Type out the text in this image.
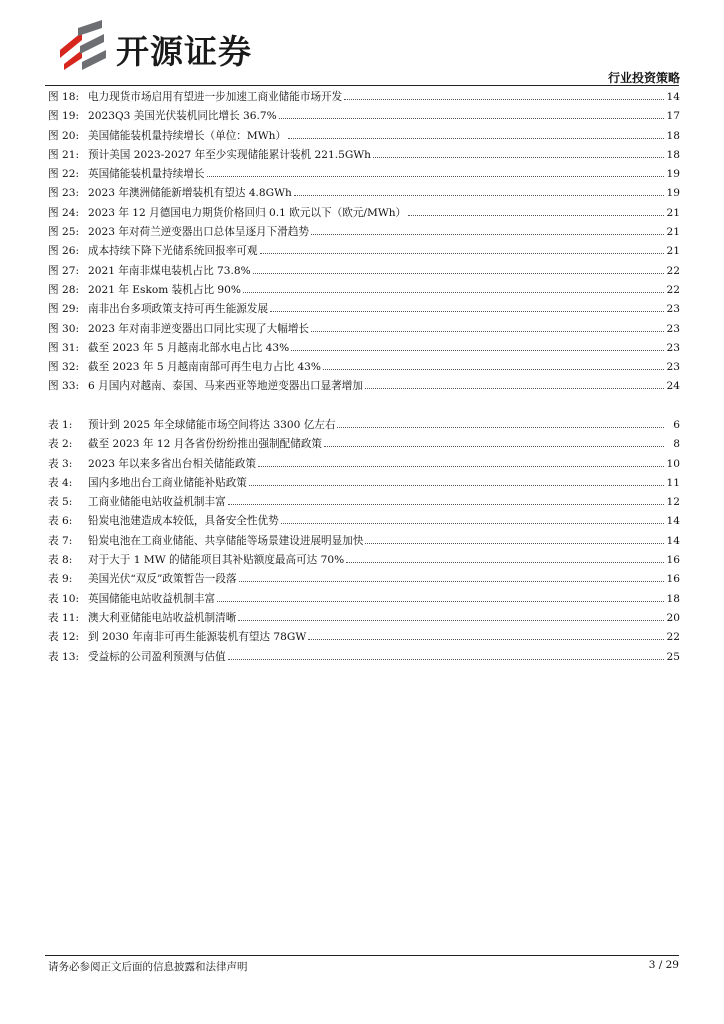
开源证券
行业投资策略
图 18: 电力现货市场启用有望进一步加速工商业储能市场开发	14
图 19: 2023Q3 美国光伏装机同比增长 36.7%	17
图 20: 美国储能装机量持续增长（单位：MWh）	18
图 21: 预计美国 2023-2027 年至少实现储能累计装机 221.5GWh	18
图 22: 英国储能装机量持续增长	19
图 23: 2023 年澳洲储能新增装机有望达 4.8GWh	19
图 24: 2023 年 12 月德国电力期货价格回归 0.1 欧元以下（欧元/MWh）	21
图 25: 2023 年对荷兰逆变器出口总体呈逐月下滑趋势	21
图 26: 成本持续下降下光储系统回报率可观	21
图 27: 2021 年南非煤电装机占比 73.8%	22
图 28: 2021 年 Eskom 装机占比 90%	22
图 29: 南非出台多项政策支持可再生能源发展	23
图 30: 2023 年对南非逆变器出口同比实现了大幅增长	23
图 31: 截至 2023 年 5 月越南北部水电占比 43%	23
图 32: 截至 2023 年 5 月越南南部可再生电力占比 43%	23
图 33: 6 月国内对越南、泰国、马来西亚等地逆变器出口显著增加	24
表 1:	预计到 2025 年全球储能市场空间将达 3300 亿左右	6
表 2:	截至 2023 年 12 月各省份纷纷推出强制配储政策	8
表 3:	2023 年以来多省出台相关储能政策	10
表 4:	国内多地出台工商业储能补贴政策	11
表 5:	工商业储能电站收益机制丰富	12
表 6:	铅炭电池建造成本较低，具备安全性优势	14
表 7:	铅炭电池在工商业储能、共享储能等场景建设进展明显加快	14
表 8:	对于大于 1 MW 的储能项目其补贴额度最高可达 70%	16
表 9:	美国光伏“双反”政策暂告一段落	16
表 10: 英国储能电站收益机制丰富	18
表 11: 澳大利亚储能电站收益机制清晰	20
表 12: 到 2030 年南非可再生能源装机有望达 78GW	22
表 13: 受益标的公司盈利预测与估值	25
请务必参阅正文后面的信息披露和法律声明	3 / 29
